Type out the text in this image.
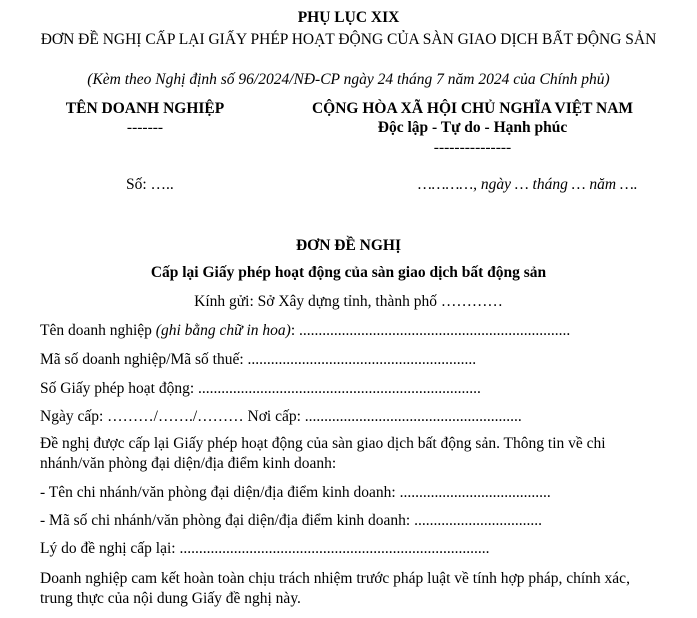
PHỤ LỤC XIX
ĐƠN ĐỀ NGHỊ CẤP LẠI GIẤY PHÉP HOẠT ĐỘNG CỦA SÀN GIAO DỊCH BẤT ĐỘNG SẢN
(Kèm theo Nghị định số 96/2024/NĐ-CP ngày 24 tháng 7 năm 2024 của Chính phủ)
TÊN DOANH NGHIỆP
-------
CỘNG HÒA XÃ HỘI CHỦ NGHĨA VIỆT NAM
Độc lập - Tự do - Hạnh phúc
---------------
Số: …..	…………, ngày … tháng … năm ….
ĐƠN ĐỀ NGHỊ
Cấp lại Giấy phép hoạt động của sàn giao dịch bất động sản
Kính gửi: Sở Xây dựng tỉnh, thành phố …………
Tên doanh nghiệp (ghi bằng chữ in hoa): ......................................................................
Mã số doanh nghiệp/Mã số thuế: ...........................................................
Số Giấy phép hoạt động: .........................................................................
Ngày cấp: ………/……./……… Nơi cấp: ........................................................
Đề nghị được cấp lại Giấy phép hoạt động của sàn giao dịch bất động sản. Thông tin về chi nhánh/văn phòng đại diện/địa điểm kinh doanh:
- Tên chi nhánh/văn phòng đại diện/địa điểm kinh doanh: .......................................
- Mã số chi nhánh/văn phòng đại diện/địa điểm kinh doanh: .................................
Lý do đề nghị cấp lại: ................................................................................
Doanh nghiệp cam kết hoàn toàn chịu trách nhiệm trước pháp luật về tính hợp pháp, chính xác, trung thực của nội dung Giấy đề nghị này.
